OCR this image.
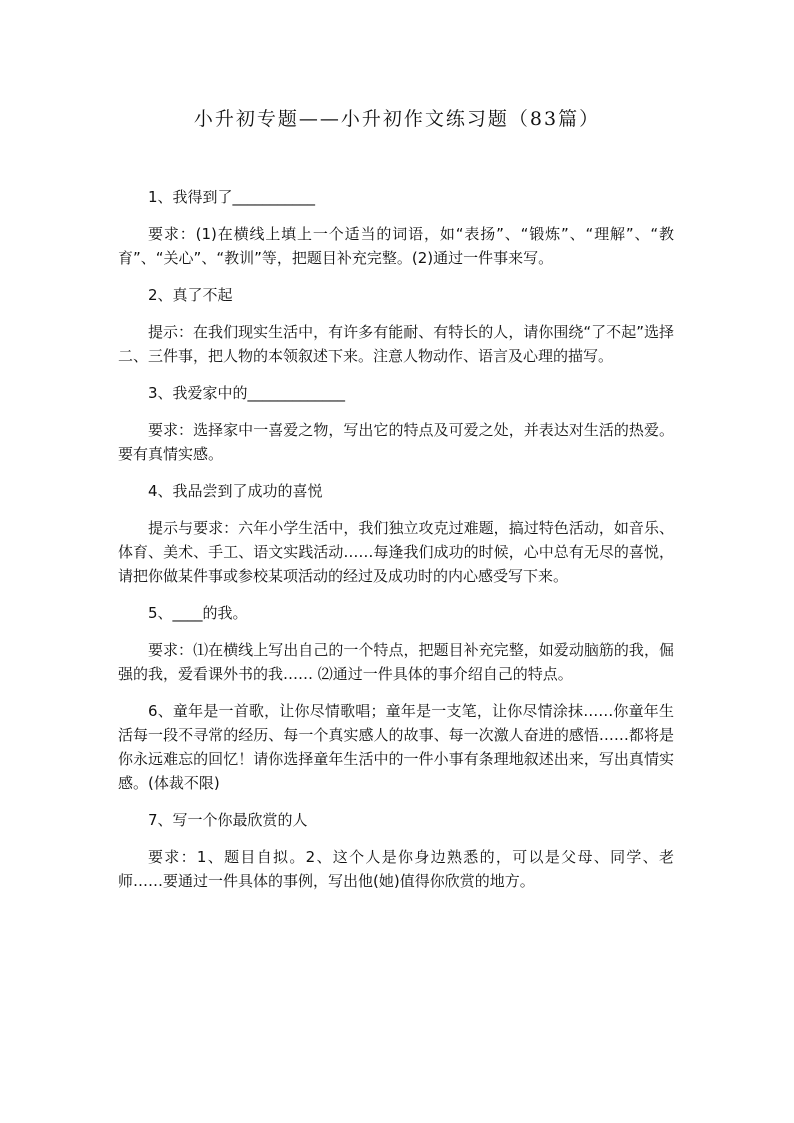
小升初专题——小升初作文练习题（83篇）

1、我得到了___________

要求：(1)在横线上填上一个适当的词语，如“表扬”、“锻炼”、“理解”、“教育”、“关心”、“教训”等，把题目补充完整。(2)通过一件事来写。

2、真了不起

提示：在我们现实生活中，有许多有能耐、有特长的人，请你围绕“了不起”选择二、三件事，把人物的本领叙述下来。注意人物动作、语言及心理的描写。

3、我爱家中的_____________

要求：选择家中一喜爱之物，写出它的特点及可爱之处，并表达对生活的热爱。要有真情实感。

4、我品尝到了成功的喜悦

提示与要求：六年小学生活中，我们独立攻克过难题，搞过特色活动，如音乐、体育、美术、手工、语文实践活动……每逢我们成功的时候，心中总有无尽的喜悦，请把你做某件事或参校某项活动的经过及成功时的内心感受写下来。

5、____的我。

要求：⑴在横线上写出自己的一个特点，把题目补充完整，如爱动脑筋的我，倔强的我，爱看课外书的我…… ⑵通过一件具体的事介绍自己的特点。

6、童年是一首歌，让你尽情歌唱；童年是一支笔，让你尽情涂抹……你童年生活每一段不寻常的经历、每一个真实感人的故事、每一次激人奋进的感悟……都将是你永远难忘的回忆！请你选择童年生活中的一件小事有条理地叙述出来，写出真情实感。(体裁不限)

7、写一个你最欣赏的人

要求：1、题目自拟。2、这个人是你身边熟悉的，可以是父母、同学、老师……要通过一件具体的事例，写出他(她)值得你欣赏的地方。
